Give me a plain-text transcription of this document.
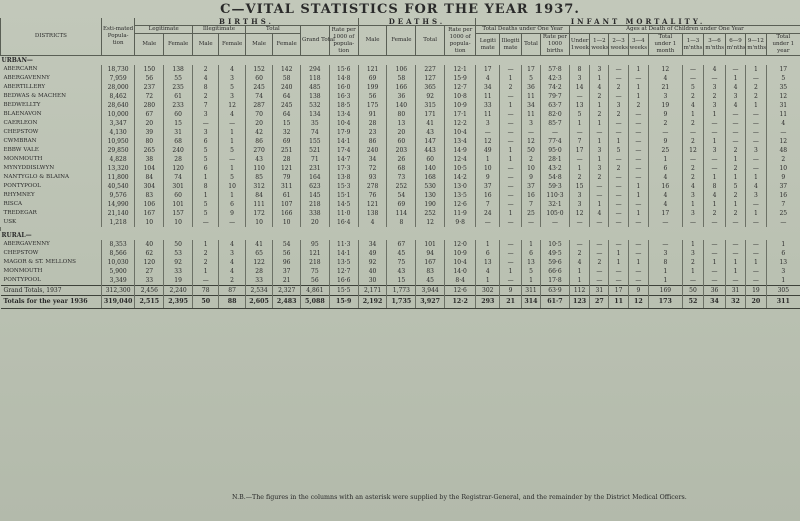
C—VITAL STATISTICS FOR THE YEAR 1937.
DISTRICTS	Esti-mated Popula-tion	BIRTHS.								DEATHS.				INFANT MORTALITY.													
		Legitimate		Illegitimate		Total		Grand Total	Rate per 1000 of popula-tion	Male	Female	Total	Rate per 1000 of popula-tion	Total Deaths under One Year				Ages at Death of Children under One Year									
		Male	Female	Male	Female	Male	Female							Legiti mate	Illegiti mate	Total	Rate per 1000 births	Under 1week	1—2 weeks	2—3 weeks	3—4 weeks	Total under 1 month	1—3 m'nths	3—6 m'nths	6—9 m'nths	9—12 m'nths	Total under 1 year
URBAN—																											
ABERCARN	18,730	150	138	2	4	152	142	294	15·6	121	106	227	12·1	17	—	17	57·8	8	3	—	1	12	—	4	—	1	17
ABERGAVENNY	7,959	56	55	4	3	60	58	118	14·8	69	58	127	15·9	4	1	5	42·3	3	1	—	—	4	—	—	1	—	5
ABERTILLERY	28,000	237	235	8	5	245	240	485	16·0	199	166	365	12·7	34	2	36	74·2	14	4	2	1	21	5	3	4	2	35
BEDWAS & MACHEN	8,462	72	61	2	3	74	64	138	16·3	56	36	92	10·8	11	—	11	79·7	—	2	—	1	3	2	2	3	2	12
BEDWELLTY	28,640	280	233	7	12	287	245	532	18·5	175	140	315	10·9	33	1	34	63·7	13	1	3	2	19	4	3	4	1	31
BLAENAVON	10,000	67	60	3	4	70	64	134	13·4	91	80	171	17·1	11	—	11	82·0	5	2	2	—	9	1	1	—	—	11
CAERLEON	3,347	20	15	—	—	20	15	35	10·4	28	13	41	12·2	3	—	3	85·7	1	1	—	—	2	2	—	—	—	4
CHEPSTOW	4,130	39	31	3	1	42	32	74	17·9	23	20	43	10·4	—	—	—	—	—	—	—	—	—	—	—	—	—	—
CWMBRAN	10,950	80	68	6	1	86	69	155	14·1	86	60	147	13·4	12	—	12	77·4	7	1	1	—	9	2	1	—	—	12
EBBW VALE	29,850	265	240	5	5	270	251	521	17·4	240	203	443	14·9	49	1	50	95·0	17	3	5	—	25	12	3	2	3	48
MONMOUTH	4,828	38	28	5	—	43	28	71	14·7	34	26	60	12·4	1	1	2	28·1	—	1	—	—	1	—	—	1	—	2
MYNYDDISLWYN	13,320	104	120	6	1	110	121	231	17·3	72	68	140	10·5	10	—	10	43·2	1	3	2	—	6	2	—	2	—	10
NANTYGLO & BLAINA	11,800	84	74	1	5	85	79	164	13·8	93	73	168	14·2	9	—	9	54·8	2	2	—	—	4	2	1	1	1	9
PONTYPOOL	40,540	304	301	8	10	312	311	623	15·3	278	252	530	13·0	37	—	37	59·3	15	—	—	1	16	4	8	5	4	37
RHYMNEY	9,576	83	60	1	1	84	61	145	15·1	76	54	130	13·5	16	—	16	110·3	3	—	—	1	4	3	4	2	3	16
RISCA	14,990	106	101	5	6	111	107	218	14·5	121	69	190	12·6	7	—	7	32·1	3	1	—	—	4	1	1	1	—	7
TREDEGAR	21,140	167	157	5	9	172	166	338	11·0	138	114	252	11·9	24	1	25	105·0	12	4	—	1	17	3	2	2	1	25
USK	1,218	10	10	—	—	10	10	20	16·4	4	8	12	9·8	—	—	—	—	—	—	—	—	—	—	—	—	—	—

RURAL—																											
ABERGAVENNY	8,353	40	50	1	4	41	54	95	11·3	34	67	101	12·0	1	—	1	10·5	—	—	—	—	—	1	—	—	—	1
CHEPSTOW	8,566	62	53	2	3	65	56	121	14·1	49	45	94	10·9	6	—	6	49·5	2	—	1	—	3	3	—	—	—	6
MAGOR & ST. MELLONS	10,030	120	92	2	4	122	96	218	13·5	92	75	167	10·4	13	—	13	59·6	4	2	1	1	8	2	1	1	1	13
MONMOUTH	5,900	27	33	1	4	28	37	75	12·7	40	43	83	14·0	4	1	5	66·6	1	—	—	—	1	1	—	1	—	3
PONTYPOOL	3,349	33	19	—	2	33	21	56	16·6	30	15	45	8·4	1	—	1	17·8	1	—	—	—	1	—	—	—	—	1
Grand Totals, 1937	312,300	2,456	2,240	78	87	2,534	2,327	4,861	15·5	2,171	1,773	3,944	12·6	302	9	311	63·9	112	31	17	9	169	50	36	31	19	305
Totals for the year 1936	319,040	2,515	2,395	50	88	2,605	2,483	5,088	15·9	2,192	1,735	3,927	12·2	293	21	314	61·7	123	27	11	12	173	52	34	32	20	311
N.B.—The figures in the columns with an asterisk were supplied by the Registrar-General, and the remainder by the District Medical Officers.
